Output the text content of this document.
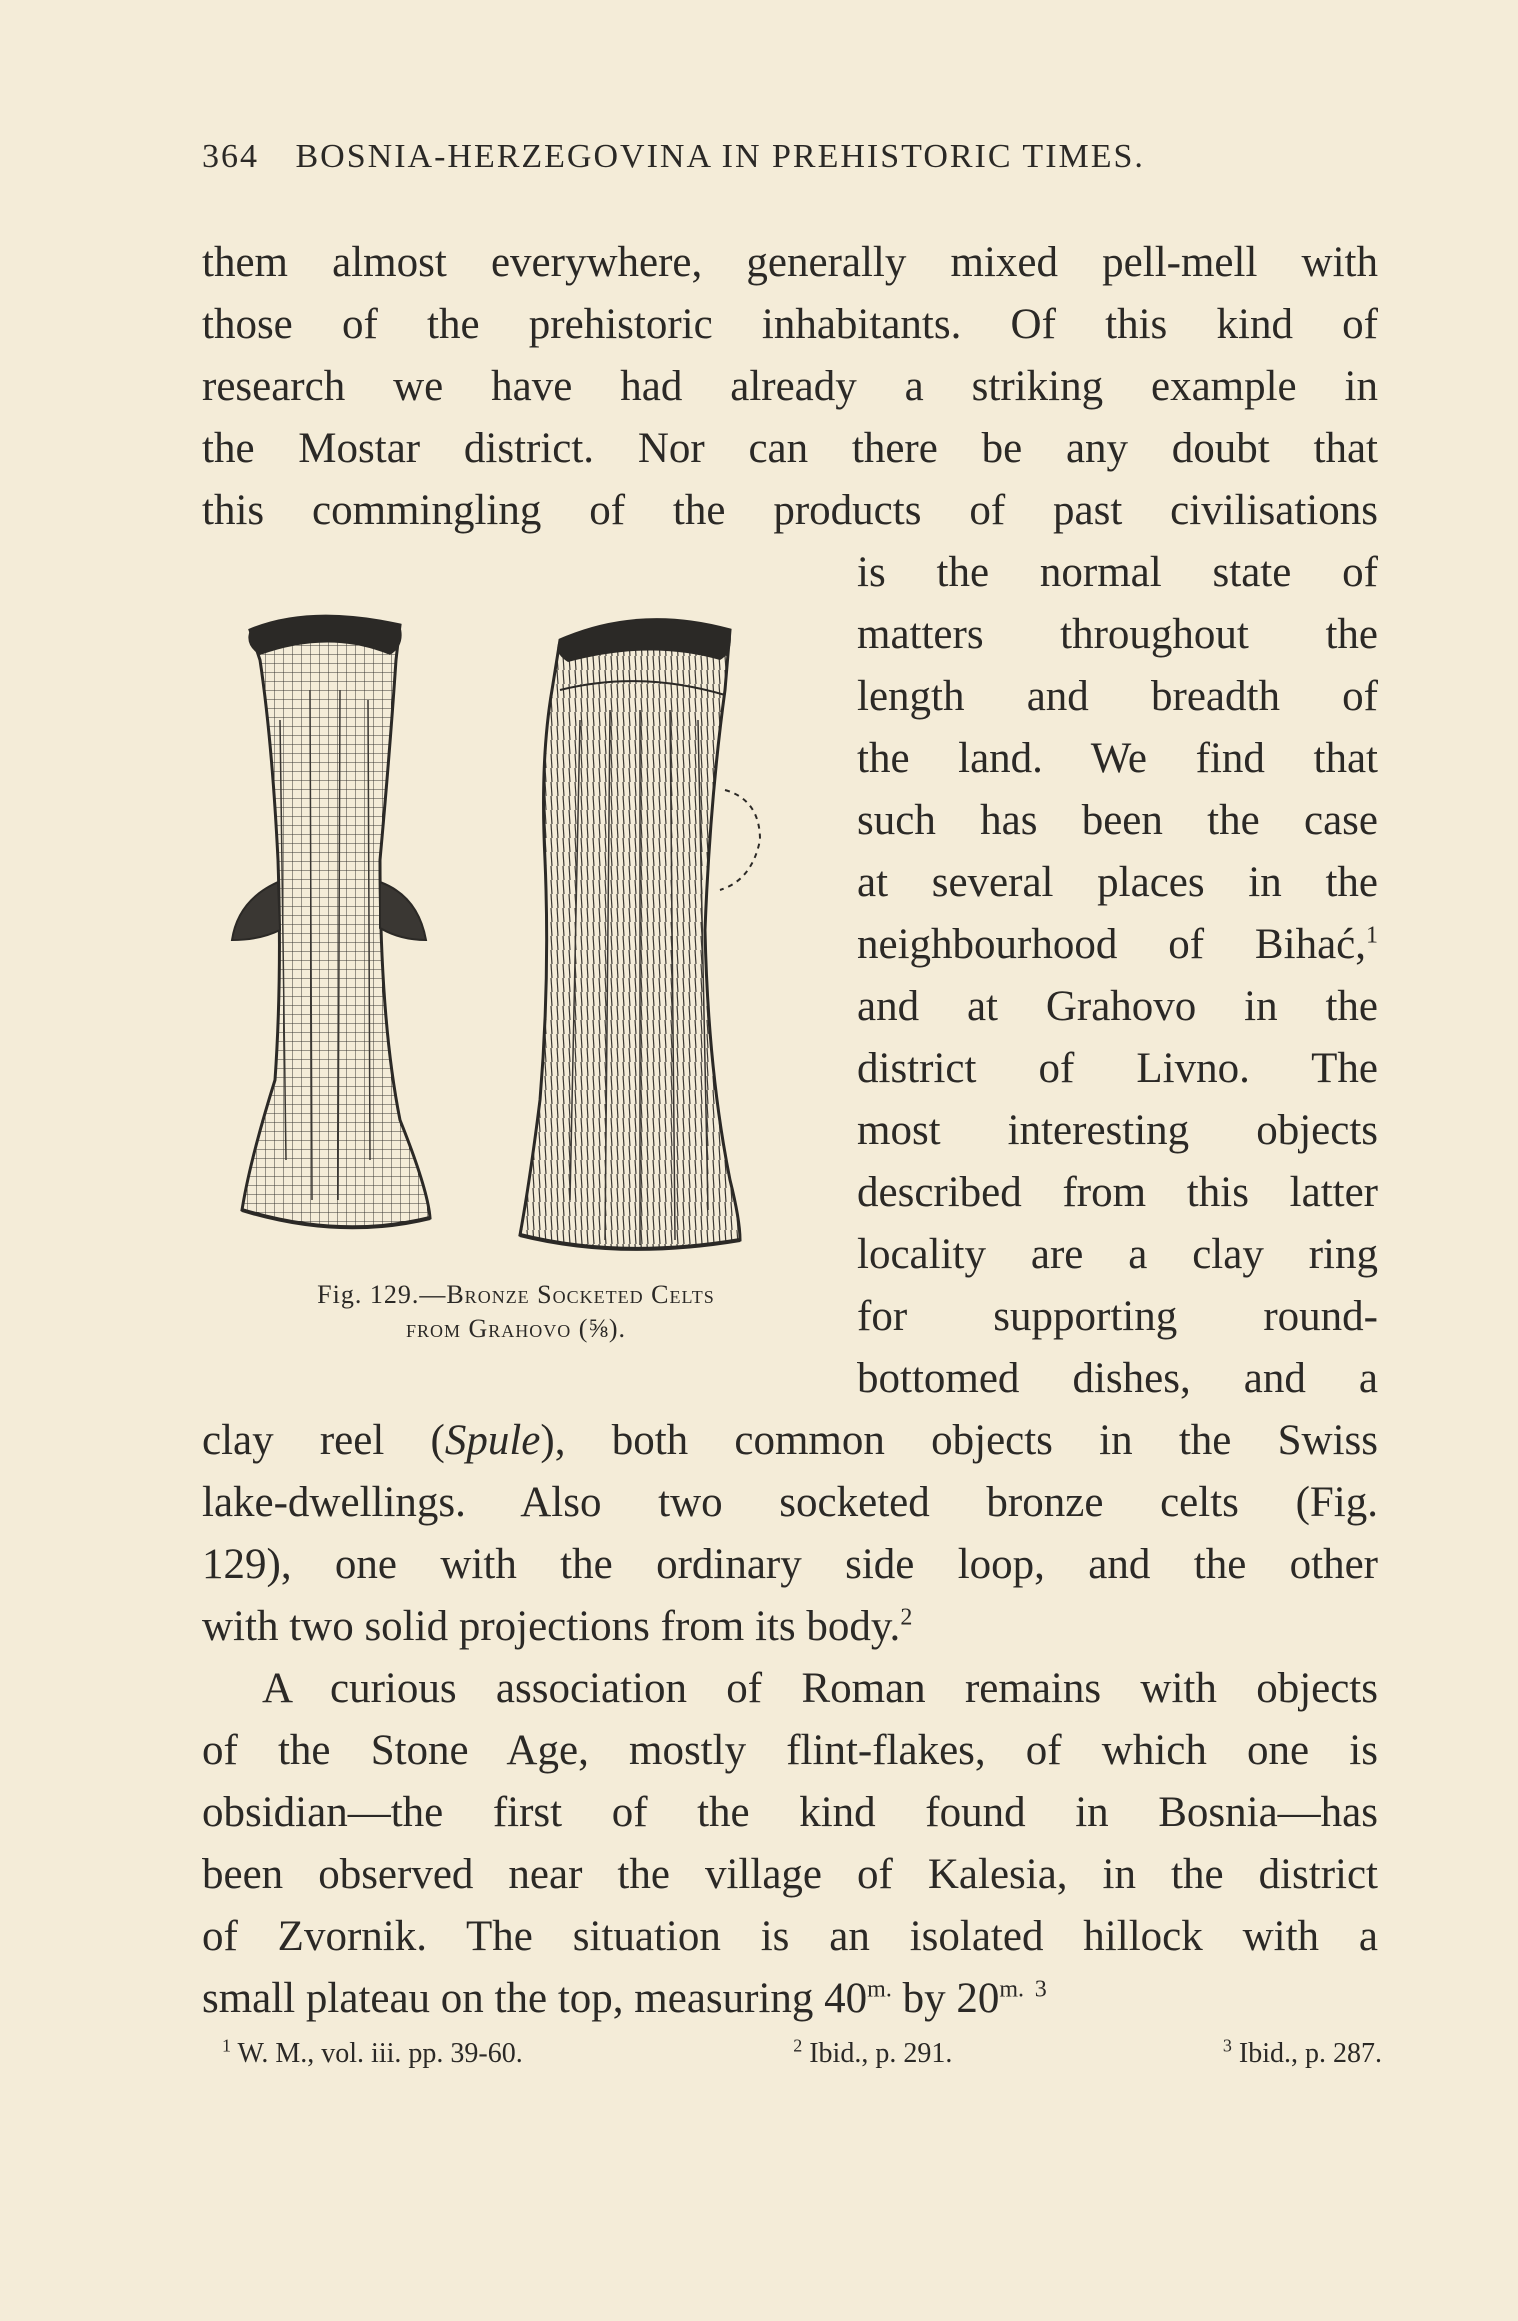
364 BOSNIA-HERZEGOVINA IN PREHISTORIC TIMES.
them almost everywhere, generally mixed pell-mell with
those of the prehistoric inhabitants. Of this kind of
research we have had already a striking example in
the Mostar district. Nor can there be any doubt that
this commingling of the products of past civilisations
is the normal state of
matters throughout the
length and breadth of
the land. We find that
such has been the case
at several places in the
neighbourhood of Bihać,$^1$
and at Grahovo in the
district of Livno. The
most interesting objects
described from this latter
locality are a clay ring
for supporting round-
bottomed dishes, and a
Fig. 129.—Bronze Socketed Celts
from Grahovo (⅝).
clay reel (Spule), both common objects in the Swiss
lake-dwellings. Also two socketed bronze celts (Fig.
129), one with the ordinary side loop, and the other
with two solid projections from its body.$^2$
A curious association of Roman remains with objects
of the Stone Age, mostly flint-flakes, of which one is
obsidian—the first of the kind found in Bosnia—has
been observed near the village of Kalesia, in the district
of Zvornik. The situation is an isolated hillock with a
small plateau on the top, measuring $40^{m.}$ by $20^{m.}$ $^3$
$^1$ W. M., vol. iii. pp. 39-60.	$^2$ Ibid., p. 291.	$^3$ Ibid., p. 287.
